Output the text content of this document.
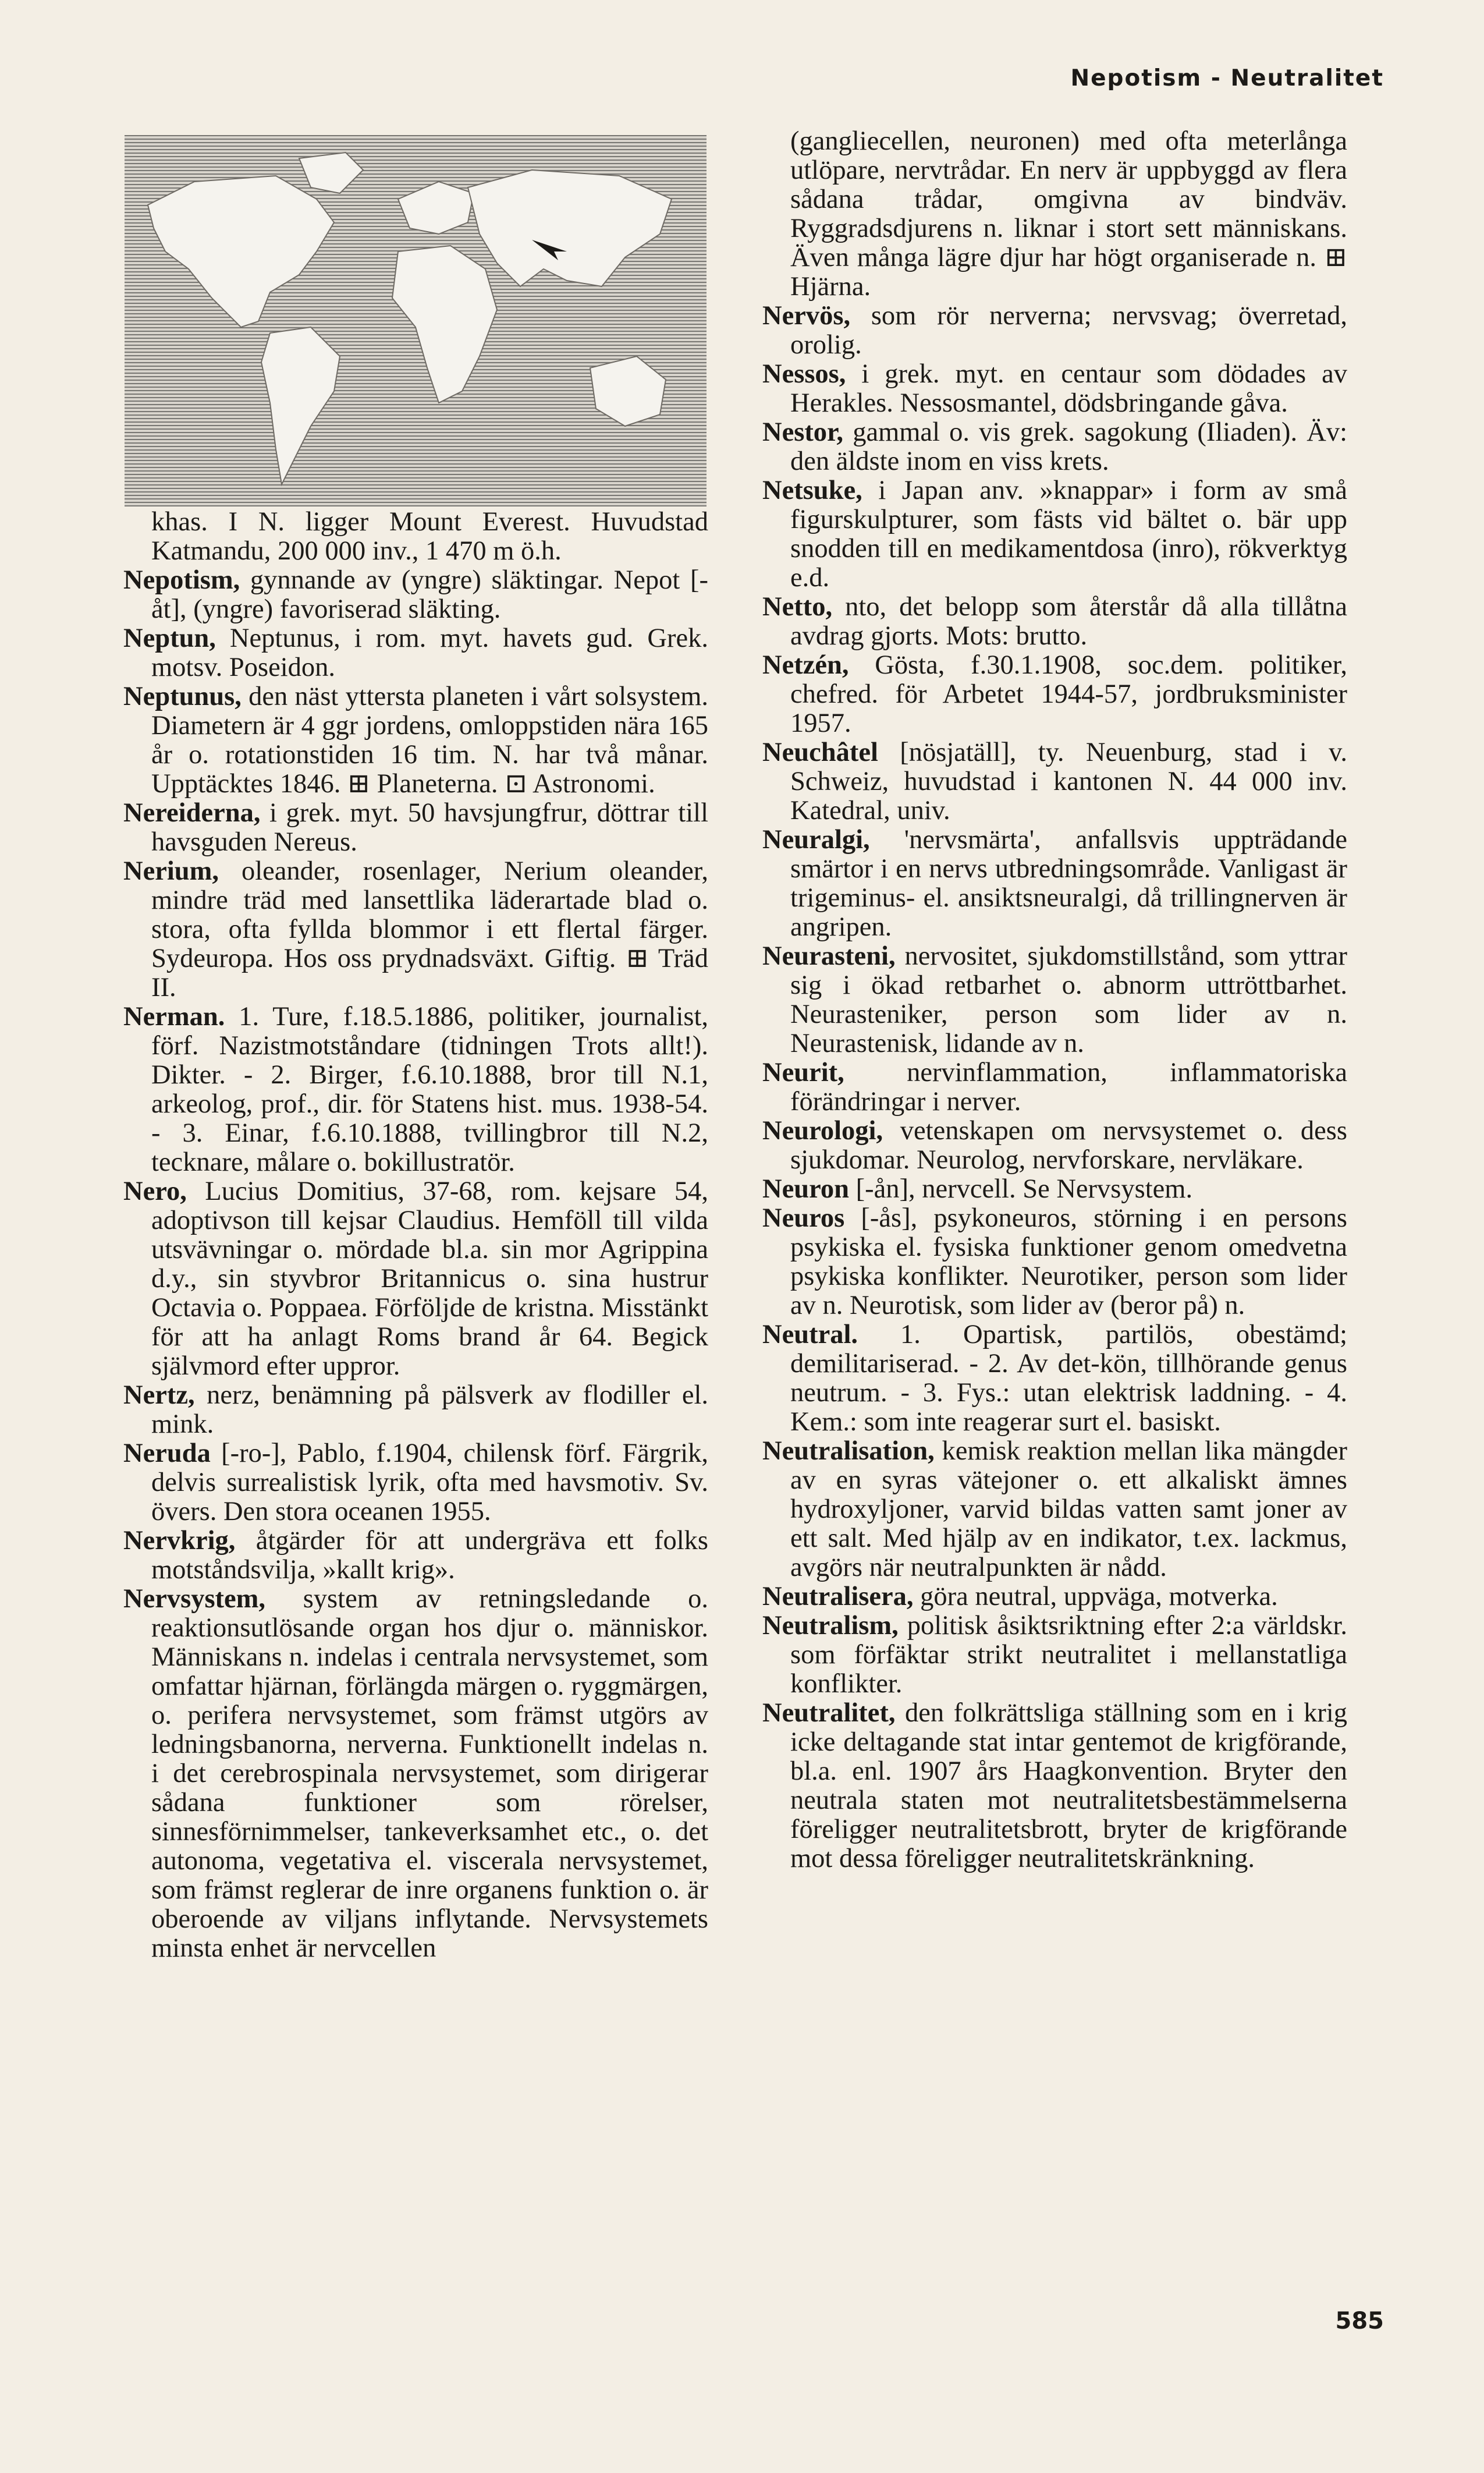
Nepotism - Neutralitet
khas. I N. ligger Mount Everest. Huvudstad Katmandu, 200 000 inv., 1 470 m ö.h.
Nepotism, gynnande av (yngre) släktingar. Nepot [-åt], (yngre) favoriserad släkting.
Neptun, Neptunus, i rom. myt. havets gud. Grek. motsv. Poseidon.
Neptunus, den näst yttersta planeten i vårt solsystem. Diametern är 4 ggr jordens, omloppstiden nära 165 år o. rotationstiden 16 tim. N. har två månar. Upptäcktes 1846. ⊞ Planeterna. ⊡ Astronomi.
Nereiderna, i grek. myt. 50 havsjungfrur, döttrar till havsguden Nereus.
Nerium, oleander, rosenlager, Nerium oleander, mindre träd med lansettlika läderartade blad o. stora, ofta fyllda blommor i ett flertal färger. Sydeuropa. Hos oss prydnadsväxt. Giftig. ⊞ Träd II.
Nerman. 1. Ture, f.18.5.1886, politiker, journalist, förf. Nazistmotståndare (tidningen Trots allt!). Dikter. - 2. Birger, f.6.10.1888, bror till N.1, arkeolog, prof., dir. för Statens hist. mus. 1938-54. - 3. Einar, f.6.10.1888, tvillingbror till N.2, tecknare, målare o. bokillustratör.
Nero, Lucius Domitius, 37-68, rom. kejsare 54, adoptivson till kejsar Claudius. Hemföll till vilda utsvävningar o. mördade bl.a. sin mor Agrippina d.y., sin styvbror Britannicus o. sina hustrur Octavia o. Poppaea. Förföljde de kristna. Misstänkt för att ha anlagt Roms brand år 64. Begick självmord efter uppror.
Nertz, nerz, benämning på pälsverk av flodiller el. mink.
Neruda [-ro-], Pablo, f.1904, chilensk förf. Färgrik, delvis surrealistisk lyrik, ofta med havsmotiv. Sv. övers. Den stora oceanen 1955.
Nervkrig, åtgärder för att undergräva ett folks motståndsvilja, »kallt krig».
Nervsystem, system av retningsledande o. reaktionsutlösande organ hos djur o. människor. Människans n. indelas i centrala nervsystemet, som omfattar hjärnan, förlängda märgen o. ryggmärgen, o. perifera nervsystemet, som främst utgörs av ledningsbanorna, nerverna. Funktionellt indelas n. i det cerebrospinala nervsystemet, som dirigerar sådana funktioner som rörelser, sinnesförnimmelser, tankeverksamhet etc., o. det autonoma, vegetativa el. viscerala nervsystemet, som främst reglerar de inre organens funktion o. är oberoende av viljans inflytande. Nervsystemets minsta enhet är nervcellen
(gangliecellen, neuronen) med ofta meterlånga utlöpare, nervtrådar. En nerv är uppbyggd av flera sådana trådar, omgivna av bindväv. Ryggradsdjurens n. liknar i stort sett människans. Även många lägre djur har högt organiserade n. ⊞ Hjärna.
Nervös, som rör nerverna; nervsvag; överretad, orolig.
Nessos, i grek. myt. en centaur som dödades av Herakles. Nessosmantel, dödsbringande gåva.
Nestor, gammal o. vis grek. sagokung (Iliaden). Äv: den äldste inom en viss krets.
Netsuke, i Japan anv. »knappar» i form av små figurskulpturer, som fästs vid bältet o. bär upp snodden till en medikamentdosa (inro), rökverktyg e.d.
Netto, nto, det belopp som återstår då alla tillåtna avdrag gjorts. Mots: brutto.
Netzén, Gösta, f.30.1.1908, soc.dem. politiker, chefred. för Arbetet 1944-57, jordbruksminister 1957.
Neuchâtel [nösjatäll], ty. Neuenburg, stad i v. Schweiz, huvudstad i kantonen N. 44 000 inv. Katedral, univ.
Neuralgi, 'nervsmärta', anfallsvis uppträdande smärtor i en nervs utbredningsområde. Vanligast är trigeminus- el. ansiktsneuralgi, då trillingnerven är angripen.
Neurasteni, nervositet, sjukdomstillstånd, som yttrar sig i ökad retbarhet o. abnorm uttröttbarhet. Neurasteniker, person som lider av n. Neurastenisk, lidande av n.
Neurit, nervinflammation, inflammatoriska förändringar i nerver.
Neurologi, vetenskapen om nervsystemet o. dess sjukdomar. Neurolog, nervforskare, nervläkare.
Neuron [-ån], nervcell. Se Nervsystem.
Neuros [-ås], psykoneuros, störning i en persons psykiska el. fysiska funktioner genom omedvetna psykiska konflikter. Neurotiker, person som lider av n. Neurotisk, som lider av (beror på) n.
Neutral. 1. Opartisk, partilös, obestämd; demilitariserad. - 2. Av det-kön, tillhörande genus neutrum. - 3. Fys.: utan elektrisk laddning. - 4. Kem.: som inte reagerar surt el. basiskt.
Neutralisation, kemisk reaktion mellan lika mängder av en syras vätejoner o. ett alkaliskt ämnes hydroxyljoner, varvid bildas vatten samt joner av ett salt. Med hjälp av en indikator, t.ex. lackmus, avgörs när neutralpunkten är nådd.
Neutralisera, göra neutral, uppväga, motverka.
Neutralism, politisk åsiktsriktning efter 2:a världskr. som förfäktar strikt neutralitet i mellanstatliga konflikter.
Neutralitet, den folkrättsliga ställning som en i krig icke deltagande stat intar gentemot de krigförande, bl.a. enl. 1907 års Haagkonvention. Bryter den neutrala staten mot neutralitetsbestämmelserna föreligger neutralitetsbrott, bryter de krigförande mot dessa föreligger neutralitetskränkning.
585
